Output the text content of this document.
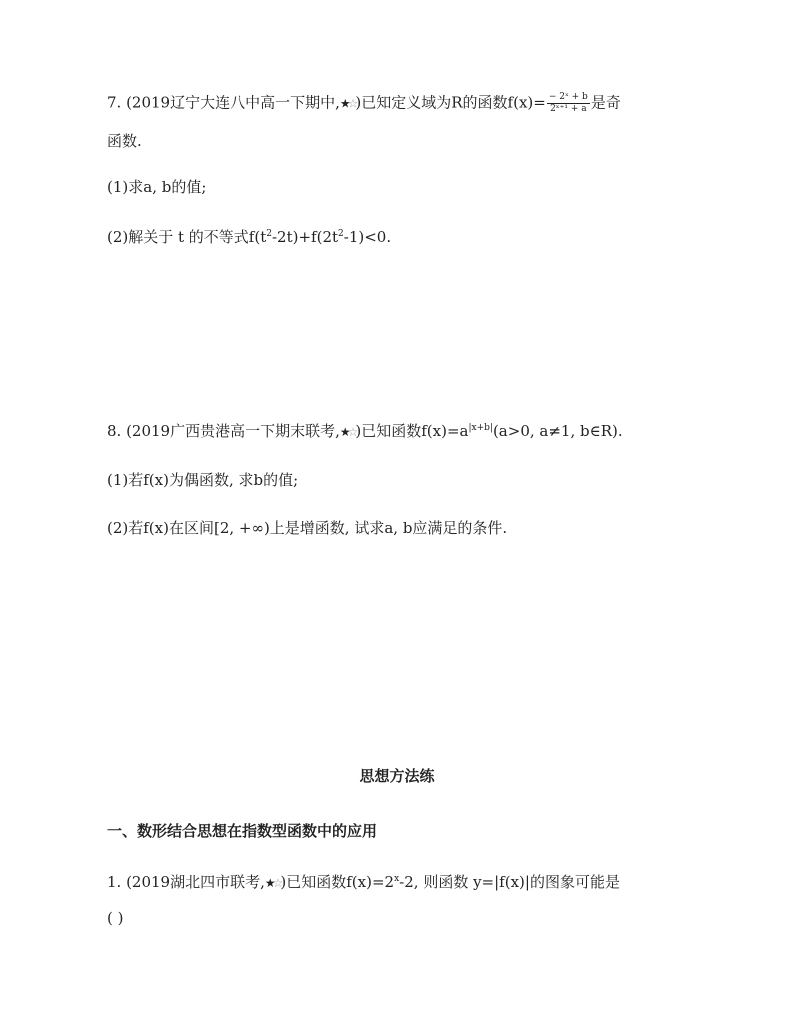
7. (2019辽宁大连八中高一下期中,★☆)已知定义域为R的函数$f(x)= \frac{\text{− 2ˣ + b}}{\text{2ˣ⁺¹ + a}}$ 是奇
函数.
(1)求a, b的值;
(2)解关于 t 的不等式$f(t^2-2t)+f(2t^2-1)<0$.
8. (2019广西贵港高一下期末联考,★☆)已知函数$f(x)=a^{|x+b|}(a>0$, a≠1, b∈R).
(1)若f(x)为偶函数, 求b的值;
(2)若f(x)在区间[2, +∞)上是增函数, 试求a, b应满足的条件.
思想方法练
一、数形结合思想在指数型函数中的应用
1. (2019湖北四市联考,★☆)已知函数$f(x)=2^x-2$, 则函数 y=|f(x)|的图象可能是
( )
